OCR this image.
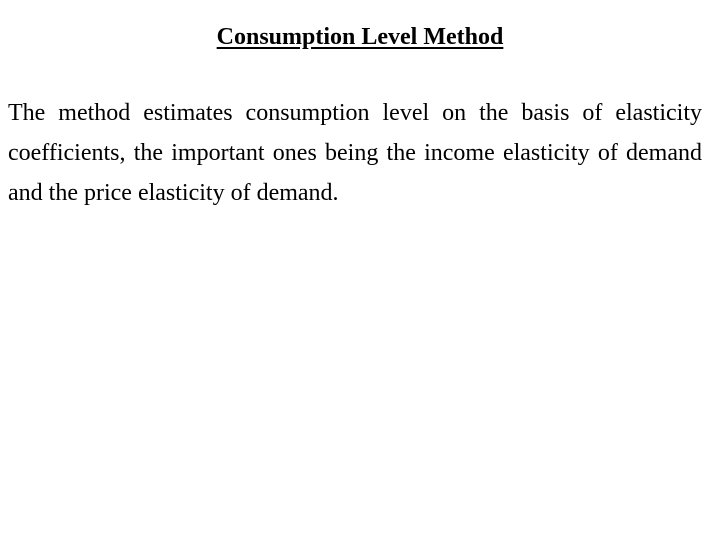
Consumption Level Method

The method estimates consumption level on the basis of elasticity coefficients, the important ones being the income elasticity of demand and the price elasticity of demand.
